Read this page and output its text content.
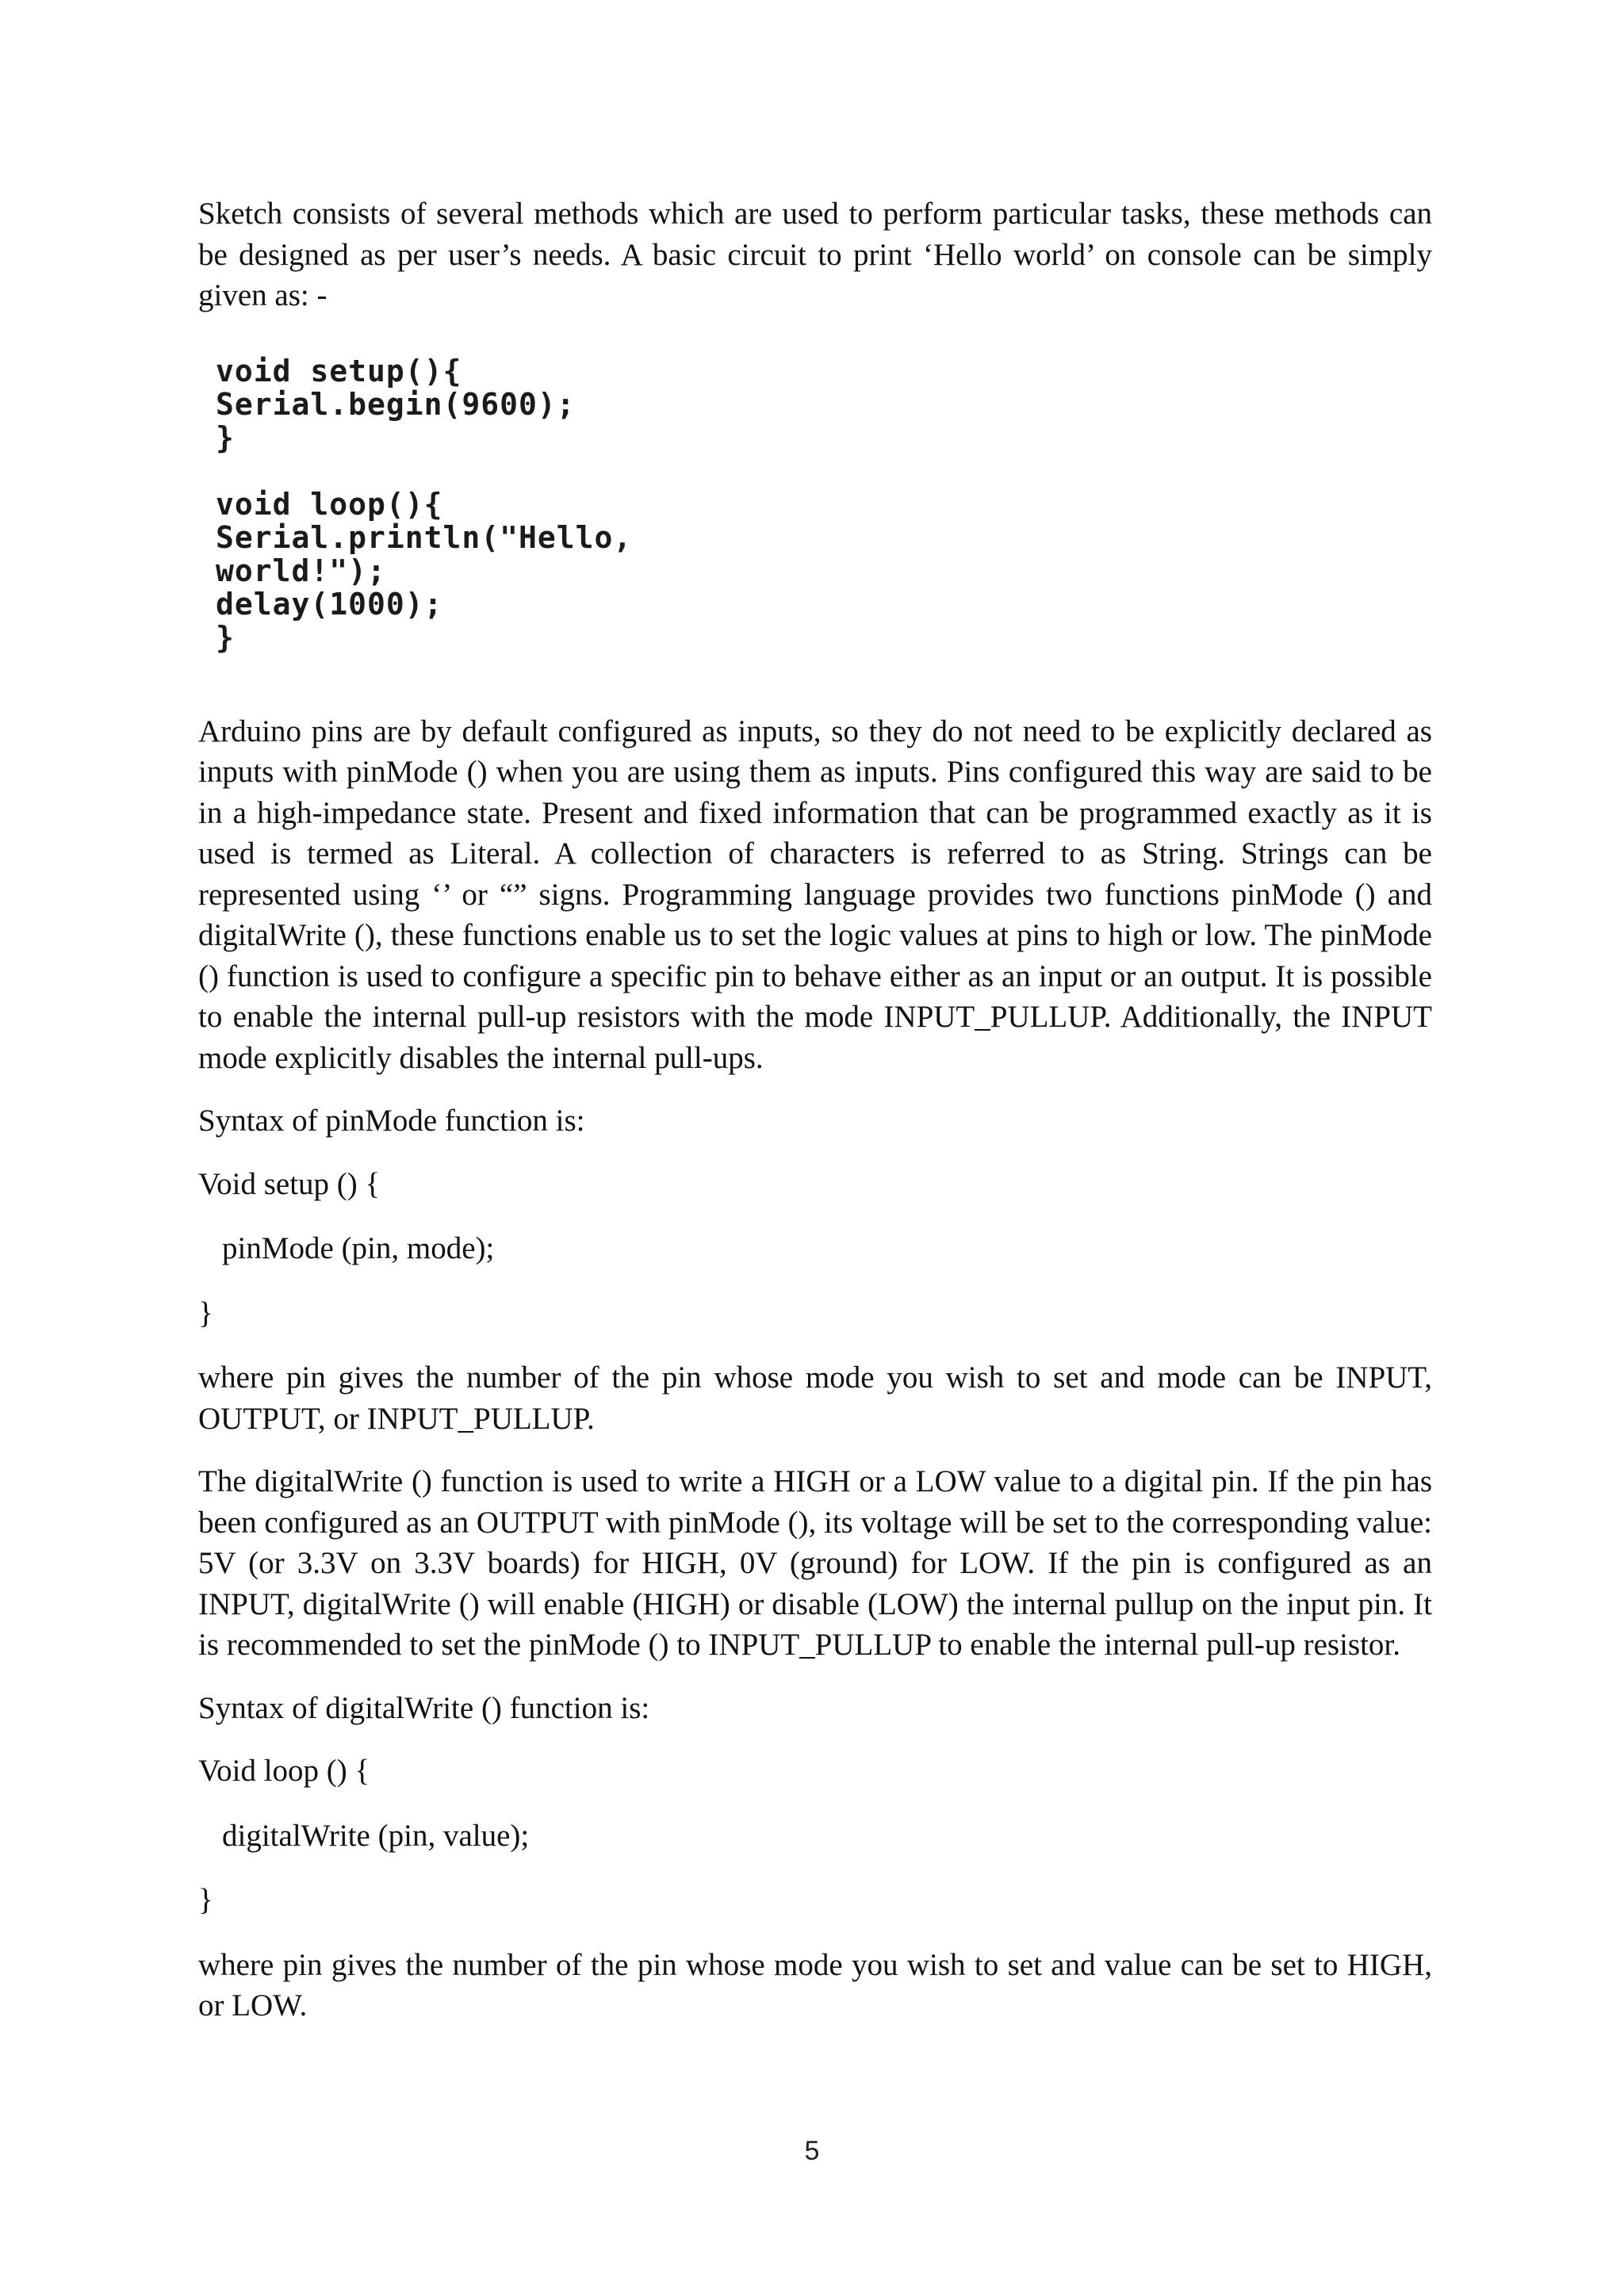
Sketch consists of several methods which are used to perform particular tasks, these methods can be designed as per user’s needs. A basic circuit to print ‘Hello world’ on console can be simply given as: -

void setup(){
Serial.begin(9600);
}
void loop(){
Serial.println("Hello,
world!");
delay(1000);
}

Arduino pins are by default configured as inputs, so they do not need to be explicitly declared as inputs with pinMode () when you are using them as inputs. Pins configured this way are said to be in a high-impedance state. Present and fixed information that can be programmed exactly as it is used is termed as Literal. A collection of characters is referred to as String. Strings can be represented using ‘’ or “” signs. Programming language provides two functions pinMode () and digitalWrite (), these functions enable us to set the logic values at pins to high or low. The pinMode () function is used to configure a specific pin to behave either as an input or an output. It is possible to enable the internal pull-up resistors with the mode INPUT_PULLUP. Additionally, the INPUT mode explicitly disables the internal pull-ups.

Syntax of pinMode function is:

Void setup () {

pinMode (pin, mode);

}

where pin gives the number of the pin whose mode you wish to set and mode can be INPUT, OUTPUT, or INPUT_PULLUP.

The digitalWrite () function is used to write a HIGH or a LOW value to a digital pin. If the pin has been configured as an OUTPUT with pinMode (), its voltage will be set to the corresponding value: 5V (or 3.3V on 3.3V boards) for HIGH, 0V (ground) for LOW. If the pin is configured as an INPUT, digitalWrite () will enable (HIGH) or disable (LOW) the internal pullup on the input pin. It is recommended to set the pinMode () to INPUT_PULLUP to enable the internal pull-up resistor.

Syntax of digitalWrite () function is:

Void loop () {

digitalWrite (pin, value);

}

where pin gives the number of the pin whose mode you wish to set and value can be set to HIGH, or LOW.

5
